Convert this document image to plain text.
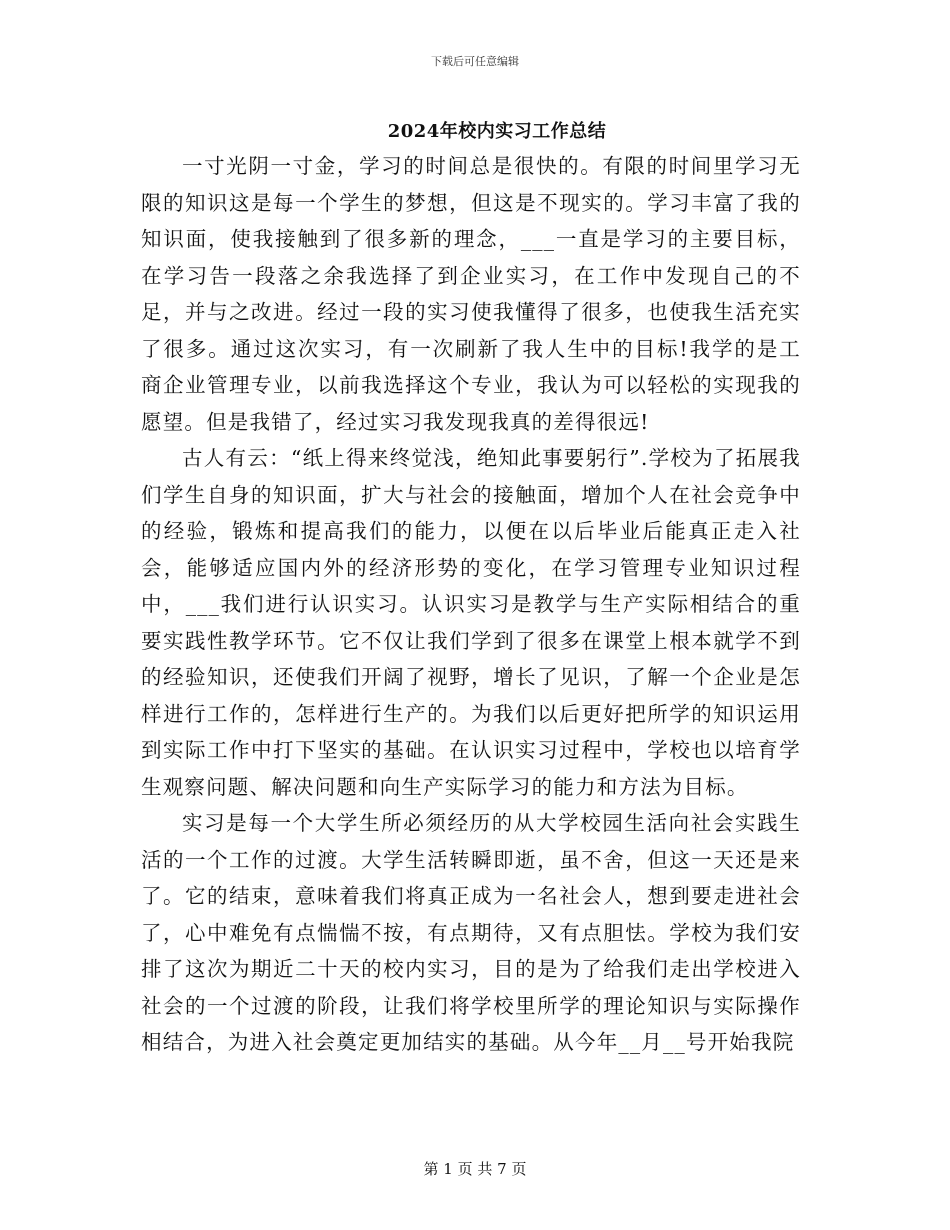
下载后可任意编辑
2024年校内实习工作总结

一寸光阴一寸金，学习的时间总是很快的。有限的时间里学习无限的知识这是每一个学生的梦想，但这是不现实的。学习丰富了我的知识面，使我接触到了很多新的理念，___一直是学习的主要目标，在学习告一段落之余我选择了到企业实习，在工作中发现自己的不足，并与之改进。经过一段的实习使我懂得了很多，也使我生活充实了很多。通过这次实习，有一次刷新了我人生中的目标!我学的是工商企业管理专业，以前我选择这个专业，我认为可以轻松的实现我的愿望。但是我错了，经过实习我发现我真的差得很远!

古人有云：“纸上得来终觉浅，绝知此事要躬行”.学校为了拓展我们学生自身的知识面，扩大与社会的接触面，增加个人在社会竞争中的经验，锻炼和提高我们的能力，以便在以后毕业后能真正走入社会，能够适应国内外的经济形势的变化，在学习管理专业知识过程中，___我们进行认识实习。认识实习是教学与生产实际相结合的重要实践性教学环节。它不仅让我们学到了很多在课堂上根本就学不到的经验知识，还使我们开阔了视野，增长了见识，了解一个企业是怎样进行工作的，怎样进行生产的。为我们以后更好把所学的知识运用到实际工作中打下坚实的基础。在认识实习过程中，学校也以培育学生观察问题、解决问题和向生产实际学习的能力和方法为目标。

实习是每一个大学生所必须经历的从大学校园生活向社会实践生活的一个工作的过渡。大学生活转瞬即逝，虽不舍，但这一天还是来了。它的结束，意味着我们将真正成为一名社会人，想到要走进社会了，心中难免有点惴惴不按，有点期待，又有点胆怯。学校为我们安排了这次为期近二十天的校内实习，目的是为了给我们走出学校进入社会的一个过渡的阶段，让我们将学校里所学的理论知识与实际操作相结合，为进入社会奠定更加结实的基础。从今年__月__号开始我院

第 1 页 共 7 页
